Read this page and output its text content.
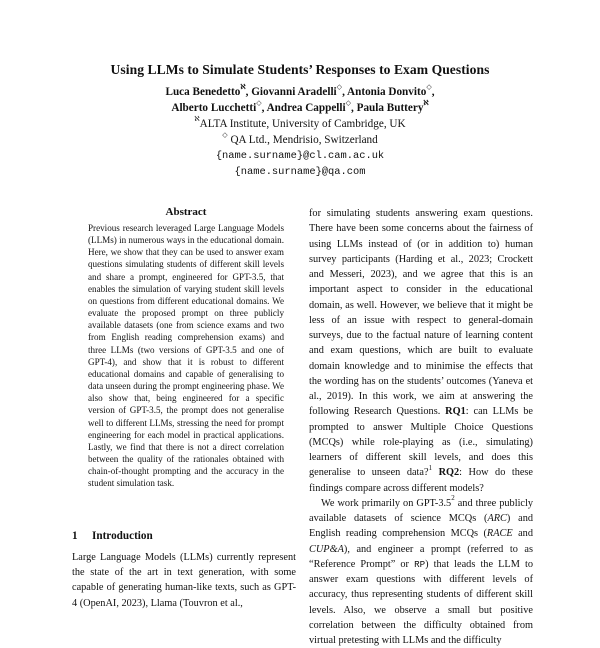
Using LLMs to Simulate Students’ Responses to Exam Questions
Luca Benedetto$^ℵ$, Giovanni Aradelli◇, Antonia Donvito◇,
Alberto Lucchetti◇, Andrea Cappelli◇, Paula Buttery$^ℵ$
$^ℵ$ALTA Institute, University of Cambridge, UK
◇ QA Ltd., Mendrisio, Switzerland
{name.surname}@cl.cam.ac.uk
{name.surname}@qa.com
Abstract

Previous research leveraged Large Language Models (LLMs) in numerous ways in the educational domain. Here, we show that they can be used to answer exam questions simulating students of different skill levels and share a prompt, engineered for GPT-3.5, that enables the simulation of varying student skill levels on questions from different educational domains. We evaluate the proposed prompt on three publicly available datasets (one from science exams and two from English reading comprehension exams) and three LLMs (two versions of GPT-3.5 and one of GPT-4), and show that it is robust to different educational domains and capable of generalising to data unseen during the prompt engineering phase. We also show that, being engineered for a specific version of GPT-3.5, the prompt does not generalise well to different LLMs, stressing the need for prompt engineering for each model in practical applications. Lastly, we find that there is not a direct correlation between the quality of the rationales obtained with chain-of-thought prompting and the accuracy in the student simulation task.

1 Introduction

Large Language Models (LLMs) currently represent the state of the art in text generation, with some capable of generating human-like texts, such as GPT-4 (OpenAI, 2023), Llama (Touvron et al.,

for simulating students answering exam questions. There have been some concerns about the fairness of using LLMs instead of (or in addition to) human survey participants (Harding et al., 2023; Crockett and Messeri, 2023), and we agree that this is an important aspect to consider in the educational domain, as well. However, we believe that it might be less of an issue with respect to general-domain surveys, due to the factual nature of learning content and exam questions, which are built to evaluate domain knowledge and to minimise the effects that the wording has on the students’ outcomes (Yaneva et al., 2019). In this work, we aim at answering the following Research Questions. RQ1: can LLMs be prompted to answer Multiple Choice Questions (MCQs) while role-playing as (i.e., simulating) learners of different skill levels, and does this generalise to unseen data?$^1$ RQ2: How do these findings compare across different models?

We work primarily on GPT-$3.5^2$ and three publicly available datasets of science MCQs (ARC) and English reading comprehension MCQs (RACE and CUP&A), and engineer a prompt (referred to as “Reference Prompt” or RP) that leads the LLM to answer exam questions with different levels of accuracy, thus representing students of different skill levels. Also, we observe a small but positive correlation between the difficulty obtained from virtual pretesting with LLMs and the difficulty
